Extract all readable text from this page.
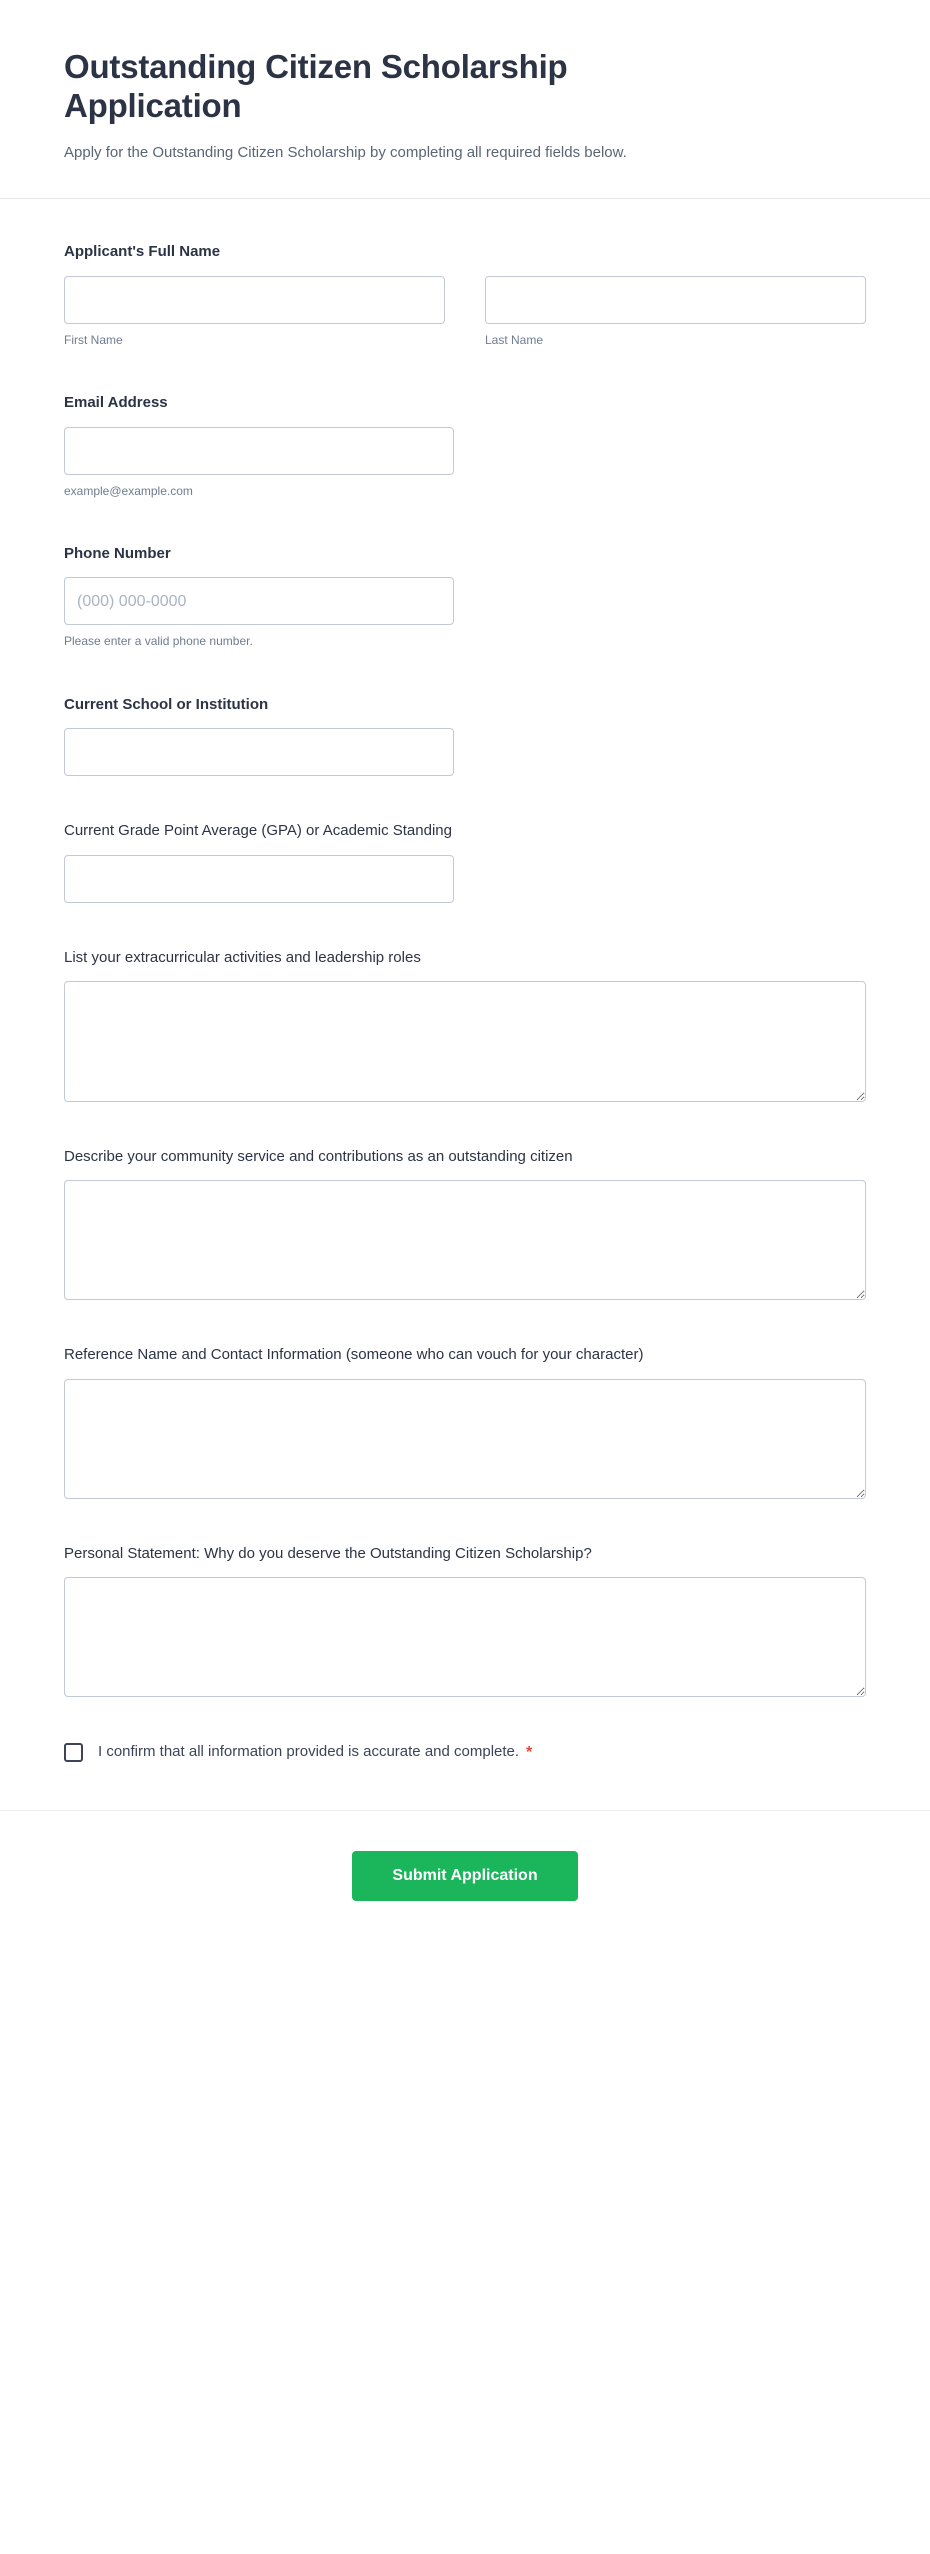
Outstanding Citizen Scholarship Application

Apply for the Outstanding Citizen Scholarship by completing all required fields below.

Applicant's Full Name
First Name	Last Name
Email Address
example@example.com
Phone Number
(000) 000-0000
Please enter a valid phone number.
Current School or Institution
Current Grade Point Average (GPA) or Academic Standing
List your extracurricular activities and leadership roles
Describe your community service and contributions as an outstanding citizen
Reference Name and Contact Information (someone who can vouch for your character)
Personal Statement: Why do you deserve the Outstanding Citizen Scholarship?
I confirm that all information provided is accurate and complete. *
Submit Application
